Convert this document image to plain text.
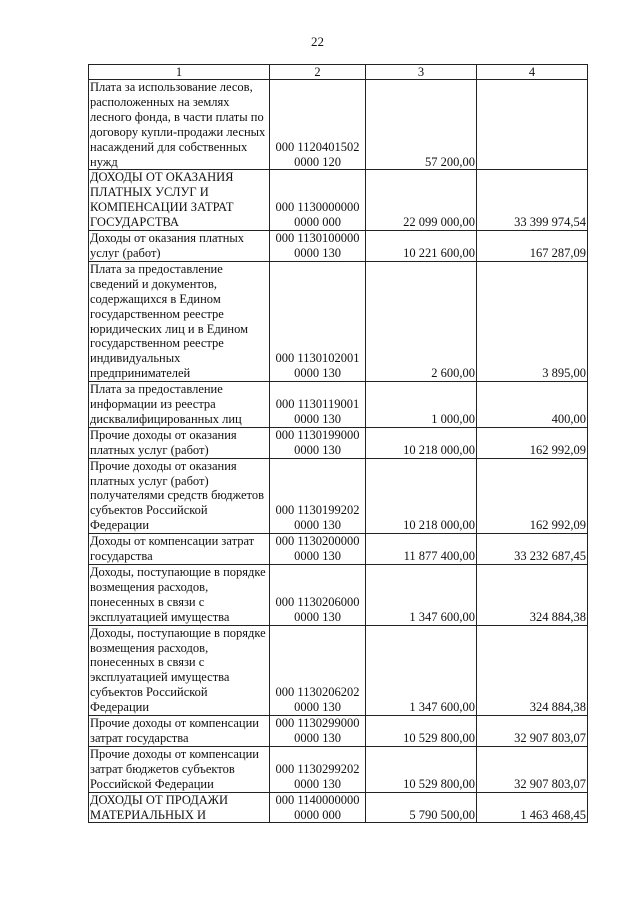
22
1	2	3	4
Плата за использование лесов, расположенных на землях лесного фонда, в части платы по договору купли-продажи лесных насаждений для собственных нужд	000 1120401502 0000 120	57 200,00	
ДОХОДЫ ОТ ОКАЗАНИЯ ПЛАТНЫХ УСЛУГ И КОМПЕНСАЦИИ ЗАТРАТ ГОСУДАРСТВА	000 1130000000 0000 000	22 099 000,00	33 399 974,54
Доходы от оказания платных услуг (работ)	000 1130100000 0000 130	10 221 600,00	167 287,09
Плата за предоставление сведений и документов, содержащихся в Едином государственном реестре юридических лиц и в Едином государственном реестре индивидуальных предпринимателей	000 1130102001 0000 130	2 600,00	3 895,00
Плата за предоставление информации из реестра дисквалифицированных лиц	000 1130119001 0000 130	1 000,00	400,00
Прочие доходы от оказания платных услуг (работ)	000 1130199000 0000 130	10 218 000,00	162 992,09
Прочие доходы от оказания платных услуг (работ) получателями средств бюджетов субъектов Российской Федерации	000 1130199202 0000 130	10 218 000,00	162 992,09
Доходы от компенсации затрат государства	000 1130200000 0000 130	11 877 400,00	33 232 687,45
Доходы, поступающие в порядке возмещения расходов, понесенных в связи с эксплуатацией имущества	000 1130206000 0000 130	1 347 600,00	324 884,38
Доходы, поступающие в порядке возмещения расходов, понесенных в связи с эксплуатацией имущества субъектов Российской Федерации	000 1130206202 0000 130	1 347 600,00	324 884,38
Прочие доходы от компенсации затрат государства	000 1130299000 0000 130	10 529 800,00	32 907 803,07
Прочие доходы от компенсации затрат бюджетов субъектов Российской Федерации	000 1130299202 0000 130	10 529 800,00	32 907 803,07
ДОХОДЫ ОТ ПРОДАЖИ МАТЕРИАЛЬНЫХ И	000 1140000000 0000 000	5 790 500,00	1 463 468,45
